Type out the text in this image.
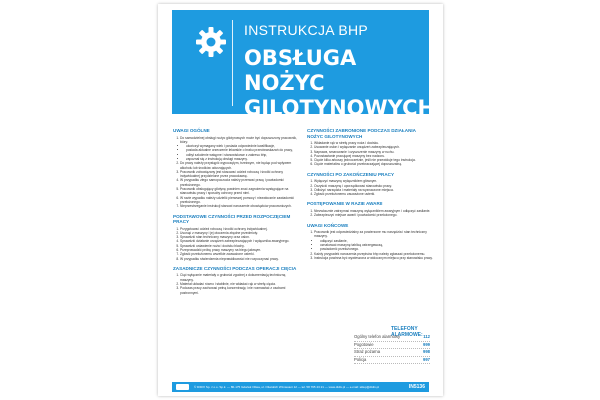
INSTRUKCJA BHP
OBSŁUGA NOŻYC GILOTYNOWYCH
UWAGI OGÓLNE
1. Do samodzielnej obsługi nożyc gilotynowych może być dopuszczony pracownik, który:
• ukończył wymagany wiek i posiada odpowiednie kwalifikacje,
• posiada aktualne orzeczenie lekarskie o braku przeciwwskazań do pracy,
• odbył szkolenie wstępne i stanowiskowe z zakresu bhp,
• zapoznał się z instrukcją obsługi maszyny.
2. Do pracy należy przystąpić wypoczętym, trzeźwym, nie będąc pod wpływem alkoholu lub środków odurzających.
3. Pracownik zobowiązany jest stosować odzież roboczą i środki ochrony indywidualnej przydzielone przez pracodawcę.
4. W przypadku złego samopoczucia należy przerwać pracę i powiadomić przełożonego.
5. Pracownik obsługujący gilotynę powinien znać zagrożenia występujące na stanowisku pracy i sposoby ochrony przed nimi.
6. W razie wypadku należy udzielić pierwszej pomocy i niezwłocznie zawiadomić przełożonego.
7. Nieprzestrzeganie instrukcji stanowi naruszenie obowiązków pracowniczych.
PODSTAWOWE CZYNNOŚCI PRZED ROZPOCZĘCIEM PRACY
1. Przygotować odzież roboczą i środki ochrony indywidualnej.
2. Usunąć z maszyny i jej otoczenia zbędne przedmioty.
3. Sprawdzić stan techniczny maszyny oraz osłon.
4. Sprawdzić działanie urządzeń zabezpieczających i wyłącznika awaryjnego.
5. Sprawdzić ustawienie noża i docisku blachy.
6. Przeprowadzić próbę pracy maszyny na biegu jałowym.
7. Zgłosić przełożonemu wszelkie zauważone usterki.
8. W przypadku stwierdzenia nieprawidłowości nie rozpoczynać pracy.
ZASADNICZE CZYNNOŚCI PODCZAS OPERACJI CIĘCIA
1. Ciąć wyłącznie materiały o grubości zgodnej z dokumentacją techniczną maszyny.
2. Materiał układać równo i stabilnie, nie wkładać rąk w strefę cięcia.
3. Podczas pracy zachować pełną koncentrację i nie rozmawiać z osobami postronnymi.
CZYNNOŚCI ZABRONIONE PODCZAS DZIAŁANIA NOŻYC GILOTYNOWYCH
1. Wkładanie rąk w strefę pracy noża i docisku.
2. Usuwanie osłon i wyłączanie urządzeń zabezpieczających.
3. Naprawa, smarowanie i czyszczenie maszyny w ruchu.
4. Pozostawianie pracującej maszyny bez nadzoru.
5. Cięcie kilku arkuszy jednocześnie, jeśli nie przewiduje tego instrukcja.
6. Cięcie materiałów o grubości przekraczającej dopuszczalną.
CZYNNOŚCI PO ZAKOŃCZENIU PRACY
1. Wyłączyć maszynę wyłącznikiem głównym.
2. Oczyścić maszynę i uporządkować stanowisko pracy.
3. Odłożyć narzędzia i materiały na wyznaczone miejsca.
4. Zgłosić przełożonemu zauważone usterki.
POSTĘPOWANIE W RAZIE AWARII
1. Niezwłocznie zatrzymać maszynę wyłącznikiem awaryjnym i odłączyć zasilanie.
2. Zabezpieczyć miejsce awarii i powiadomić przełożonego.
UWAGI KOŃCOWE
1. Pracownik jest odpowiedzialny za powierzone mu narzędzia i stan techniczny maszyny.
• odłączyć zasilanie,
• oznakować maszynę tablicą ostrzegawczą,
• powiadomić przełożonego.
2. Każdy przypadek naruszenia przepisów bhp należy zgłaszać przełożonemu.
3. Instrukcja powinna być wywieszona w widocznym miejscu przy stanowisku pracy.
TELEFONY ALARMOWE:
Ogólny telefon alarmowy	112
Pogotowie	999
Straż pożarna	998
Policja	997
© DIDIX Sp. z o.o. Sp.k. — 80-175 Gdańsk Oliwa, ul. Oliwskich Wzniesień 12 — tel. 58 765 43 21 — www.didix.pl — e-mail: sklep@didix.pl	IN5136
